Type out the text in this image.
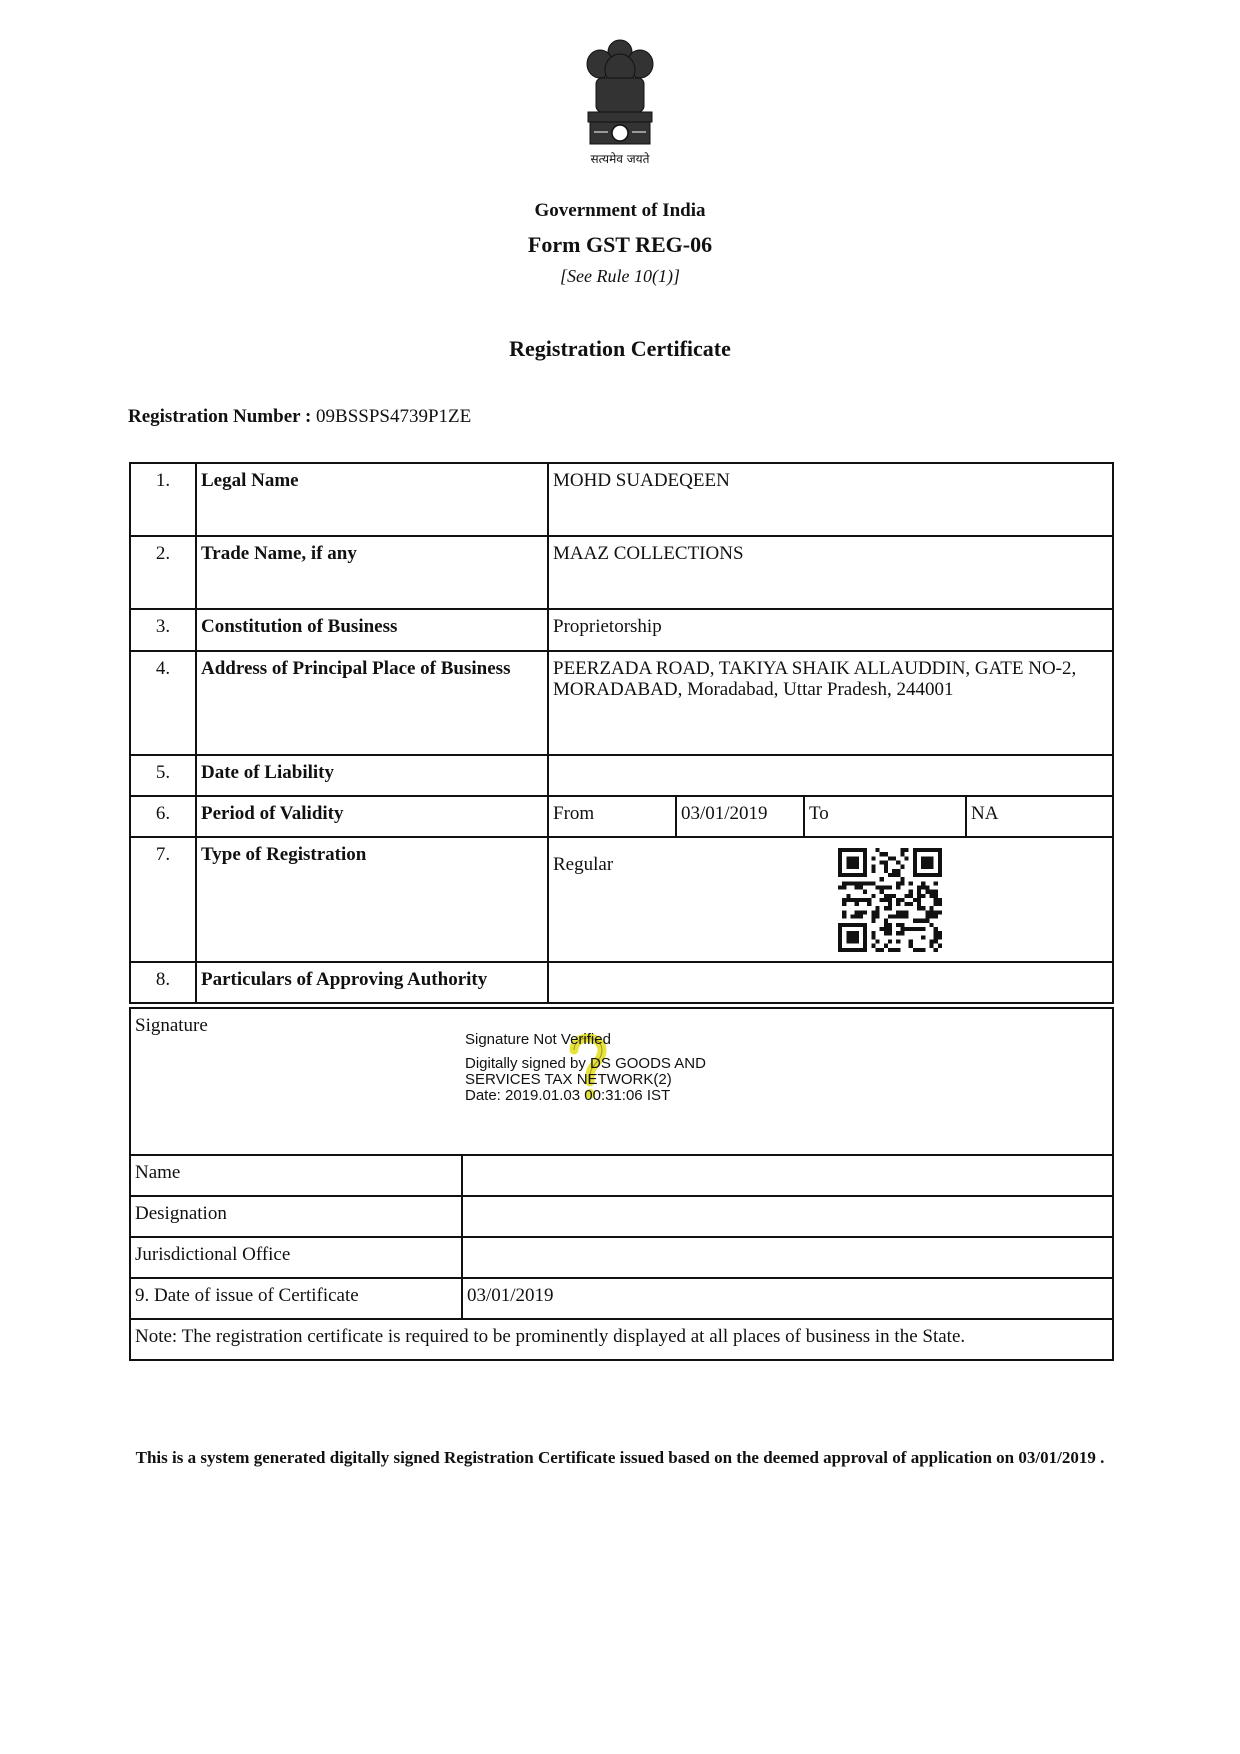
सत्यमेव जयते
Government of India
Form GST REG-06
[See Rule 10(1)]
Registration Certificate
Registration Number : 09BSSPS4739P1ZE
1.	Legal Name	MOHD SUADEQEEN			
2.	Trade Name, if any	MAAZ COLLECTIONS			
3.	Constitution of Business	Proprietorship			
4.	Address of Principal Place of Business	PEERZADA ROAD, TAKIYA SHAIK ALLAUDDIN, GATE NO-2, MORADABAD, Moradabad, Uttar Pradesh, 244001			
5.	Date of Liability				
6.	Period of Validity	From	03/01/2019	To	NA
7.	Type of Registration	Regular			
8.	Particulars of Approving Authority				
Signature	
Name	
Designation	
Jurisdictional Office	
9. Date of issue of Certificate	03/01/2019
Note: The registration certificate is required to be prominently displayed at all places of business in the State.	
Signature Not Verified
Digitally signed by DS GOODS AND
SERVICES TAX NETWORK(2)
Date: 2019.01.03 00:31:06 IST
This is a system generated digitally signed Registration Certificate issued based on the deemed approval of application on 03/01/2019 .
